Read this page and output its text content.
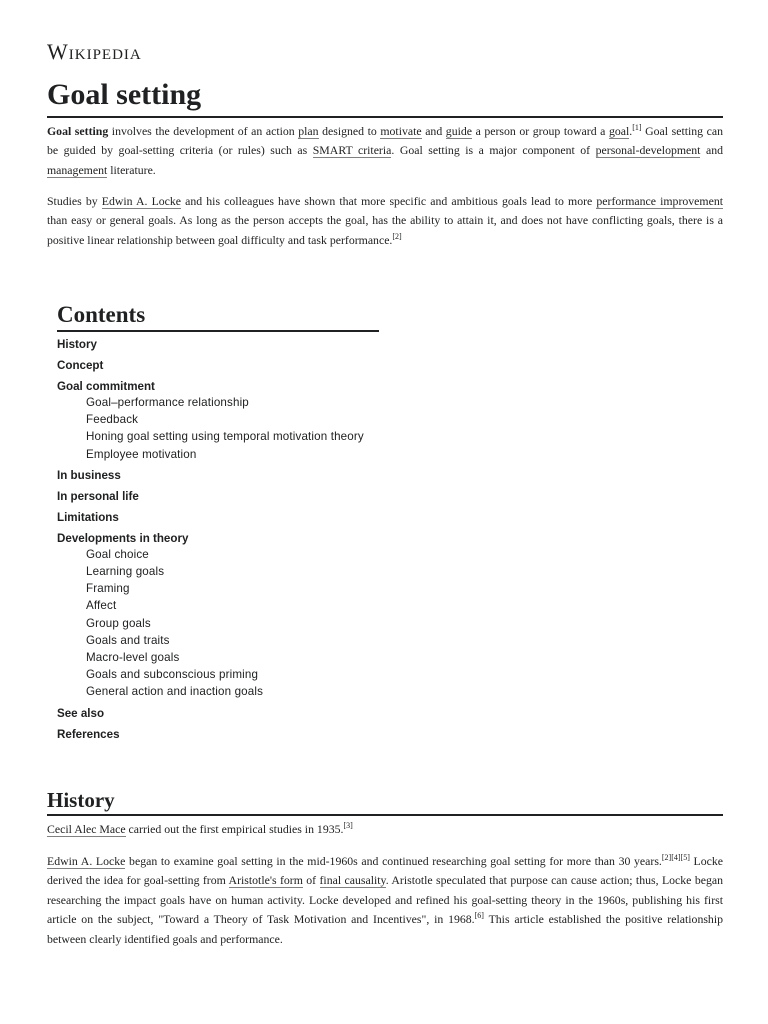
Wikipedia
Goal setting

Goal setting involves the development of an action plan designed to motivate and guide a person or group toward a goal.[1] Goal setting can be guided by goal-setting criteria (or rules) such as SMART criteria. Goal setting is a major component of personal-development and management literature.

Studies by Edwin A. Locke and his colleagues have shown that more specific and ambitious goals lead to more performance improvement than easy or general goals. As long as the person accepts the goal, has the ability to attain it, and does not have conflicting goals, there is a positive linear relationship between goal difficulty and task performance.[2]

Contents
History
Concept
Goal commitment
Goal–performance relationship
Feedback
Honing goal setting using temporal motivation theory
Employee motivation
In business
In personal life
Limitations
Developments in theory
Goal choice
Learning goals
Framing
Affect
Group goals
Goals and traits
Macro-level goals
Goals and subconscious priming
General action and inaction goals
See also
References
History

Cecil Alec Mace carried out the first empirical studies in 1935.[3]

Edwin A. Locke began to examine goal setting in the mid-1960s and continued researching goal setting for more than 30 years.[2][4][5] Locke derived the idea for goal-setting from Aristotle's form of final causality. Aristotle speculated that purpose can cause action; thus, Locke began researching the impact goals have on human activity. Locke developed and refined his goal-setting theory in the 1960s, publishing his first article on the subject, "Toward a Theory of Task Motivation and Incentives", in 1968.[6] This article established the positive relationship between clearly identified goals and performance.
